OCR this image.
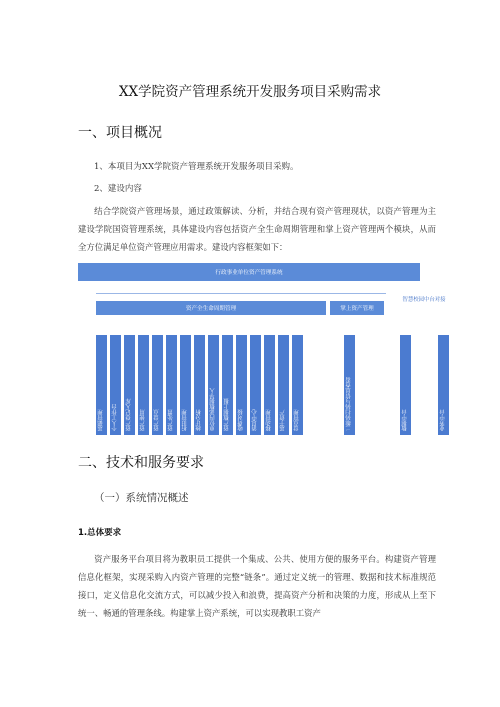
XX学院资产管理系统开发服务项目采购需求
一、项目概况
1、本项目为XX学院资产管理系统开发服务项目采购。
2、建设内容
结合学院资产管理场景，通过政策解读、分析，并结合现有资产管理现状，以资产管理为主建设学院国资管理系统，具体建设内容包括资产全生命周期管理和掌上资产管理两个模块，从而全方位满足单位资产管理应用需求。建设内容框架如下：
行政事业单位资产管理系统
资产全生命周期管理	掌上资产管理
智慧校园中台对接
基础管理 个人工作台 资产登记入库 资产使用 资产盘点 资产处置 折旧管理 统计分析 单位内部数据导入 资产数据上报 收费对接 消息中心 移动管理 基于资产 盘点管理	二维码扫码与信息查看	数据中台	业务中台
二、技术和服务要求
（一）系统情况概述
1.总体要求
资产服务平台项目将为教职员工提供一个集成、公共、使用方便的服务平台。构建资产管理信息化框架，实现采购入内资产管理的完整“链条”。通过定义统一的管理、数据和技术标准规范接口，定义信息化交流方式，可以减少投入和浪费，提高资产分析和决策的力度，形成从上至下统一、畅通的管理条线。构建掌上资产系统，可以实现教职工资产
